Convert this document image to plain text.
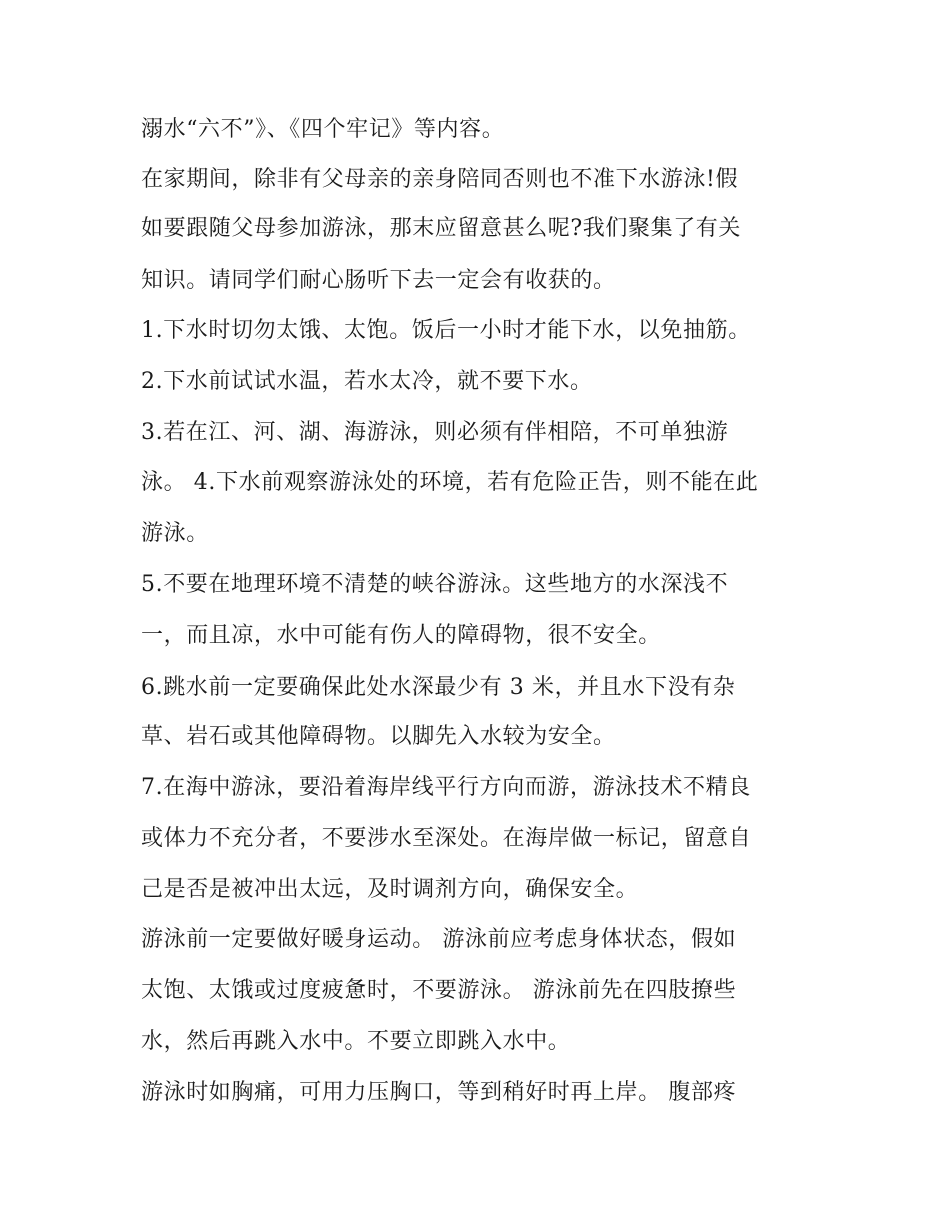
溺水“六不”》、《四个牢记》等内容。

在家期间，除非有父母亲的亲身陪同否则也不准下水游泳!假

如要跟随父母参加游泳，那末应留意甚么呢?我们聚集了有关

知识。请同学们耐心肠听下去一定会有收获的。

1.下水时切勿太饿、太饱。饭后一小时才能下水，以免抽筋。

2.下水前试试水温，若水太冷，就不要下水。

3.若在江、河、湖、海游泳，则必须有伴相陪，不可单独游

泳。 4.下水前观察游泳处的环境，若有危险正告，则不能在此

游泳。

5.不要在地理环境不清楚的峡谷游泳。这些地方的水深浅不

一，而且凉，水中可能有伤人的障碍物，很不安全。

6.跳水前一定要确保此处水深最少有 3 米，并且水下没有杂

草、岩石或其他障碍物。以脚先入水较为安全。

7.在海中游泳，要沿着海岸线平行方向而游，游泳技术不精良

或体力不充分者，不要涉水至深处。在海岸做一标记，留意自

己是否是被冲出太远，及时调剂方向，确保安全。

游泳前一定要做好暖身运动。 游泳前应考虑身体状态，假如

太饱、太饿或过度疲惫时，不要游泳。 游泳前先在四肢撩些

水，然后再跳入水中。不要立即跳入水中。

游泳时如胸痛，可用力压胸口，等到稍好时再上岸。 腹部疼
